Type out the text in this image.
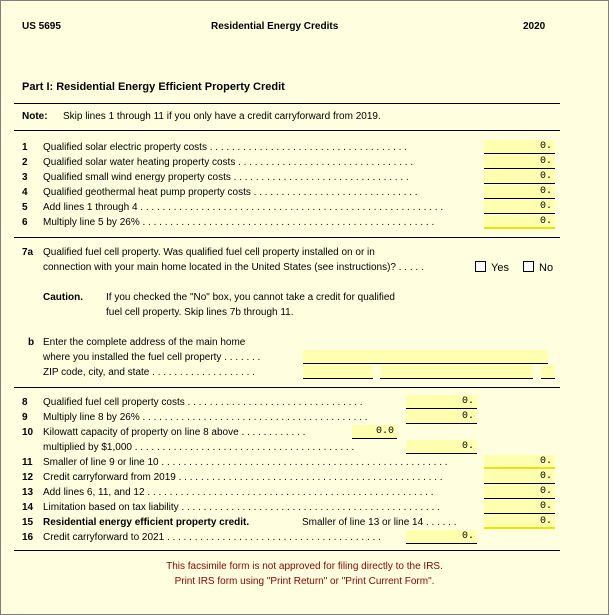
US 5695	Residential Energy Credits	2020
Part I: Residential Energy Efficient Property Credit
Note: Skip lines 1 through 11 if you only have a credit carryforward from 2019.
1 Qualified solar electric property costs . . . . . . . . . . . . . . . . . . . . . . . . . . . . . . . . . . . .	0.
2 Qualified solar water heating property costs . . . . . . . . . . . . . . . . . . . . . . . . . . . . . . . .	0.
3 Qualified small wind energy property costs . . . . . . . . . . . . . . . . . . . . . . . . . . . . . . . .	0.
4 Qualified geothermal heat pump property costs . . . . . . . . . . . . . . . . . . . . . . . . . . . . . .	0.
5 Add lines 1 through 4 . . . . . . . . . . . . . . . . . . . . . . . . . . . . . . . . . . . . . . . . . . . . . . . . . . . . . . .	0.
6 Multiply line 5 by 26% . . . . . . . . . . . . . . . . . . . . . . . . . . . . . . . . . . . . . . . . . . . . . . . . . . . . .	0.
7a Qualified fuel cell property. Was qualified fuel cell property installed on or in
connection with your main home located in the United States (see instructions)? . . . . .	Yes	No
Caution. If you checked the "No" box, you cannot take a credit for qualified
fuel cell property. Skip lines 7b through 11.
b Enter the complete address of the main home
where you installed the fuel cell property . . . . . . .
ZIP code, city, and state . . . . . . . . . . . . . . . . . . .
8 Qualified fuel cell property costs . . . . . . . . . . . . . . . . . . . . . . . . . . . . . . . .	0.
9 Multiply line 8 by 26% . . . . . . . . . . . . . . . . . . . . . . . . . . . . . . . . . . . . . . . . .	0.
10 Kilowatt capacity of property on line 8 above . . . . . . . . . . . .	0.0
multiplied by $1,000 . . . . . . . . . . . . . . . . . . . . . . . . . . . . . . . . . . . . . . . .	0.
11 Smaller of line 9 or line 10 . . . . . . . . . . . . . . . . . . . . . . . . . . . . . . . . . . . . . . . . . . . . . . . . . . . .	0.
12 Credit carryforward from 2019 . . . . . . . . . . . . . . . . . . . . . . . . . . . . . . . . . . . . . . . . . . . . . . . .	0.
13 Add lines 6, 11, and 12 . . . . . . . . . . . . . . . . . . . . . . . . . . . . . . . . . . . . . . . . . . . . . . . . . . . .	0.
14 Limitation based on tax liability . . . . . . . . . . . . . . . . . . . . . . . . . . . . . . . . . . . . . . . . . . . . . . .	0.
15 Residential energy efficient property credit.	Smaller of line 13 or line 14 . . . . . .	0.
16 Credit carryforward to 2021 . . . . . . . . . . . . . . . . . . . . . . . . . . . . . . . . . . . . . . .	0.
This facsimile form is not approved for filing directly to the IRS.
Print IRS form using "Print Return" or "Print Current Form".
